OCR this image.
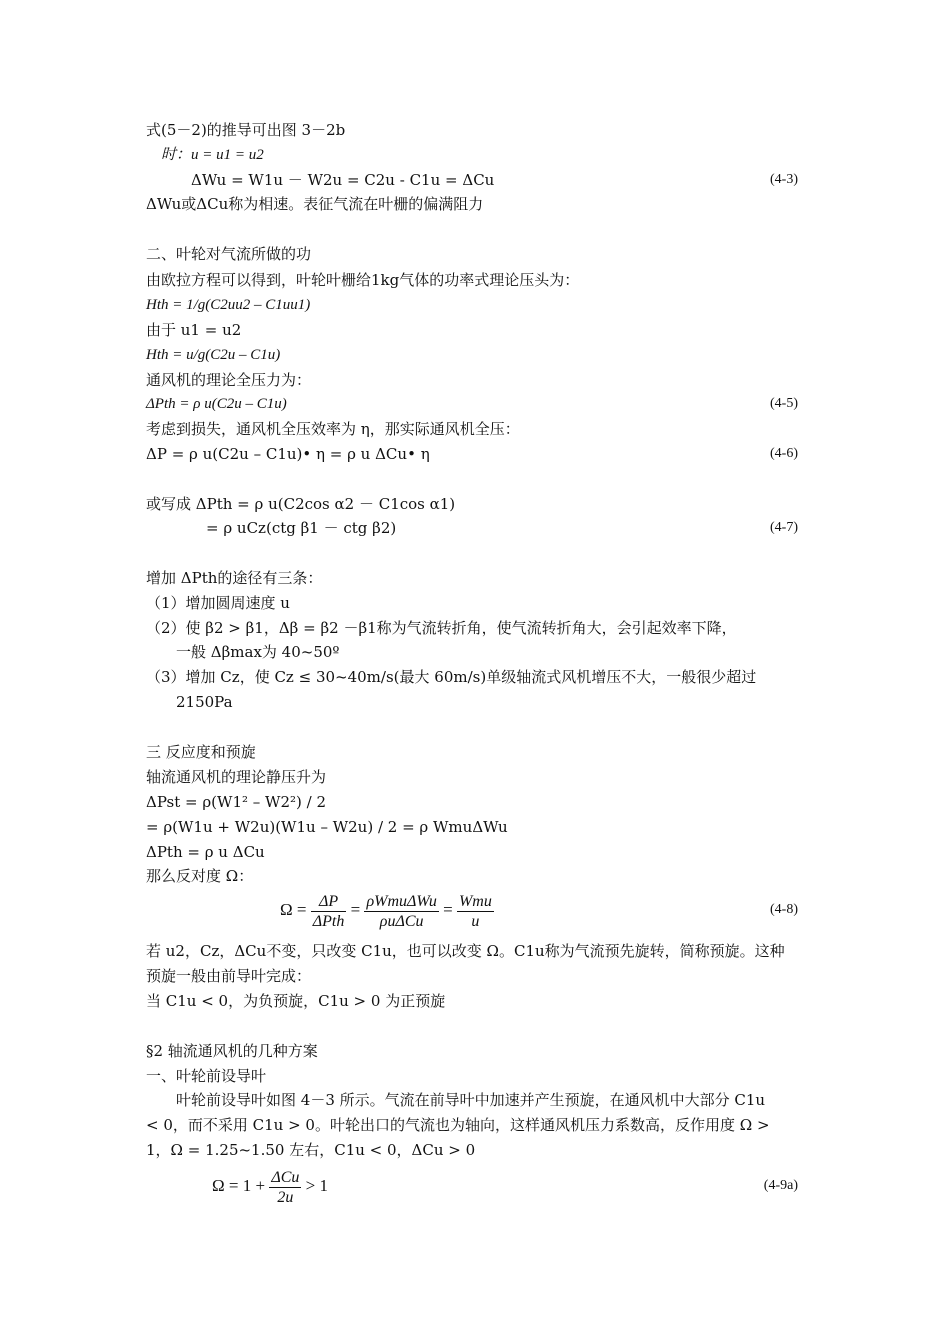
式(5－2)的推导可出图 3－2b
　时：u = u1 = u2
　　　ΔWu = W1u － W2u = C2u - C1u = ΔCu	(4-3)
ΔWu或ΔCu称为相速。表征气流在叶栅的偏满阻力
二、叶轮对气流所做的功
由欧拉方程可以得到，叶轮叶栅给1kg气体的功率式理论压头为：
Hth = 1/g(C2uu2 – C1uu1)
由于 u1 = u2
Hth = u/g(C2u – C1u)
通风机的理论全压力为：
ΔPth = ρ u(C2u – C1u)	(4-5)
考虑到损失，通风机全压效率为 η，那实际通风机全压：
ΔP = ρ u(C2u – C1u)• η = ρ u ΔCu• η	(4-6)
或写成 ΔPth = ρ u(C2cos α2 － C1cos α1)
　　　　= ρ uCz(ctg β1 － ctg β2)	(4-7)
增加 ΔPth的途径有三条：
（1）增加圆周速度 u
（2）使 β2 > β1，Δβ = β2 －β1称为气流转折角，使气流转折角大，会引起效率下降，
　　一般 Δβmax为 40~50º
（3）增加 Cz，使 Cz ≤ 30~40m/s(最大 60m/s)单级轴流式风机增压不大，一般很少超过
　　2150Pa
三 反应度和预旋
轴流通风机的理论静压升为
ΔPst = ρ(W1² – W2²) / 2
= ρ(W1u + W2u)(W1u – W2u) / 2 = ρ WmuΔWu
ΔPth = ρ u ΔCu
那么反对度 Ω：
$\Omega = \frac{\Delta P}{\text{ΔPth}} = \frac{\text{ρWmuΔWu}}{\text{ρuΔCu}} = \frac{\text{Wmu}}{u}$	(4-8)
若 u2，Cz，ΔCu不变，只改变 C1u，也可以改变 Ω。C1u称为气流预先旋转，简称预旋。这种
预旋一般由前导叶完成：
当 C1u < 0，为负预旋，C1u > 0 为正预旋
§2 轴流通风机的几种方案
一、叶轮前设导叶
　　叶轮前设导叶如图 4－3 所示。气流在前导叶中加速并产生预旋，在通风机中大部分 C1u
< 0，而不采用 C1u > 0。叶轮出口的气流也为轴向，这样通风机压力系数高，反作用度 Ω >
1，Ω = 1.25~1.50 左右，C1u < 0，ΔCu > 0
$\Omega = 1 + \frac{\text{ΔCu}}{2u} > 1$	(4-9a)
